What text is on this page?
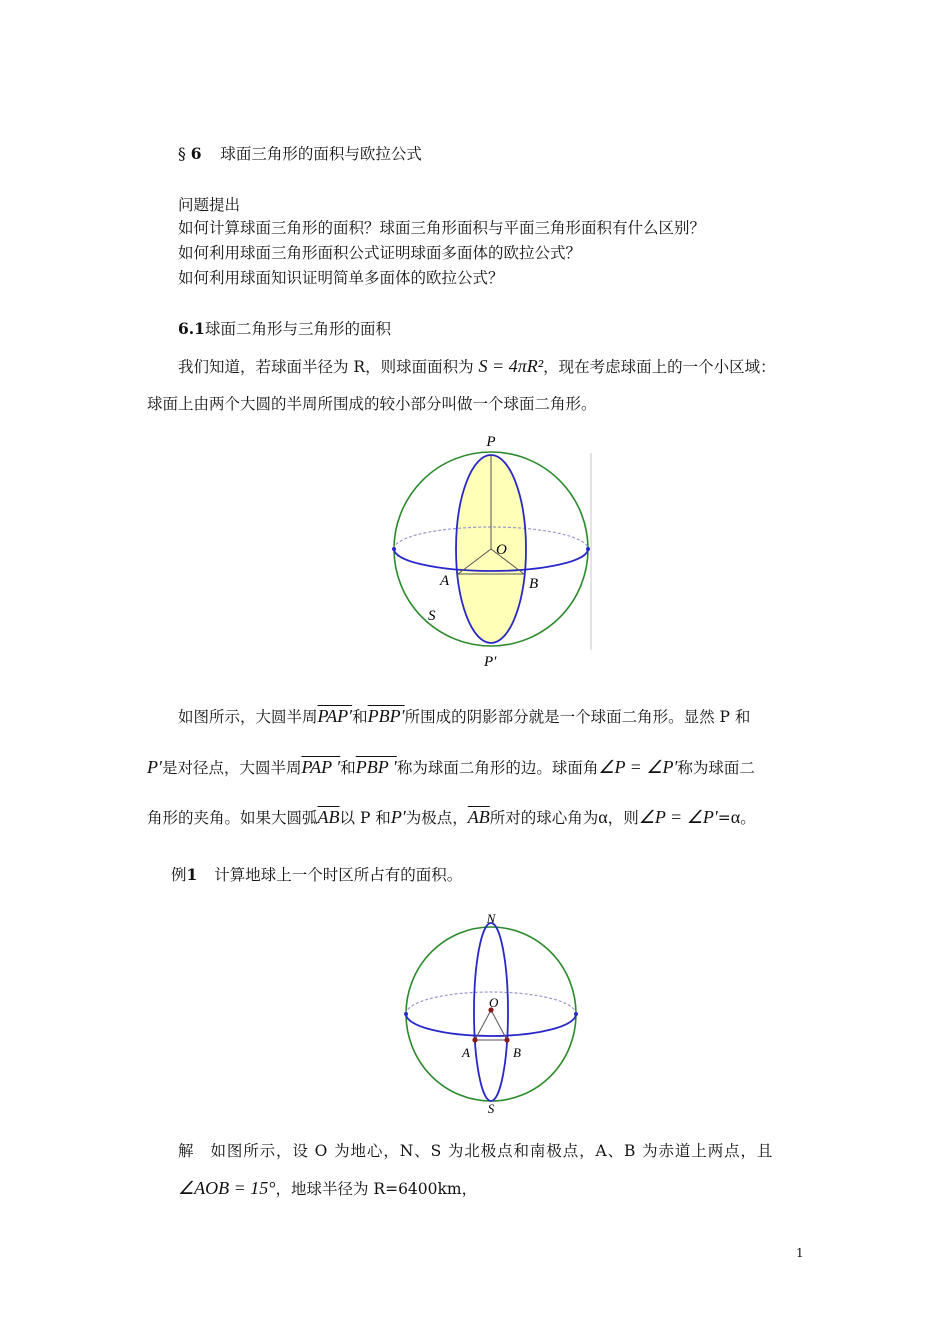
§ 6 球面三角形的面积与欧拉公式
问题提出
如何计算球面三角形的面积？球面三角形面积与平面三角形面积有什么区别？
如何利用球面三角形面积公式证明球面多面体的欧拉公式？
如何利用球面知识证明简单多面体的欧拉公式？
6.1球面二角形与三角形的面积
我们知道，若球面半径为 R，则球面面积为 S = 4πR²，现在考虑球面上的一个小区域：
球面上由两个大圆的半周所围成的较小部分叫做一个球面二角形。
P
O
A	B
S
P′
如图所示，大圆半周PAP′和PBP′所围成的阴影部分就是一个球面二角形。显然 P 和
P′是对径点，大圆半周PAP ′和PBP ′称为球面二角形的边。球面角∠P = ∠P′称为球面二
角形的夹角。如果大圆弧$\overline{AB}$以 P 和P′为极点，$\overline{AB}$所对的球心角为α，则∠P = ∠P′=α。
例1 计算地球上一个时区所占有的面积。
N
O
A	B
S
解 如图所示，设 O 为地心，N、S 为北极点和南极点，A、B 为赤道上两点，且
∠AOB = 15°，地球半径为 R=6400km，
1
